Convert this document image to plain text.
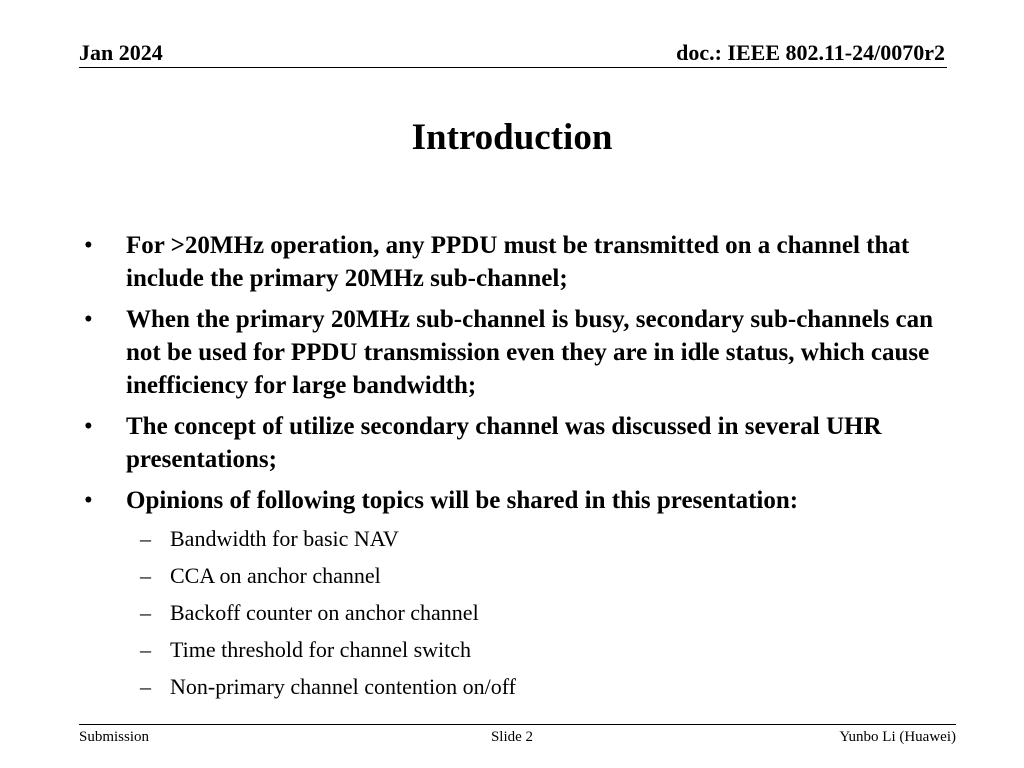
Jan 2024	doc.: IEEE 802.11-24/0070r2
Introduction
• For >20MHz operation, any PPDU must be transmitted on a channel that include the primary 20MHz sub-channel;
• When the primary 20MHz sub-channel is busy, secondary sub-channels can not be used for PPDU transmission even they are in idle status, which cause inefficiency for large bandwidth;
• The concept of utilize secondary channel was discussed in several UHR presentations;
• Opinions of following topics will be shared in this presentation:
– Bandwidth for basic NAV
– CCA on anchor channel
– Backoff counter on anchor channel
– Time threshold for channel switch
– Non-primary channel contention on/off
Submission	Slide 2	Yunbo Li (Huawei)
